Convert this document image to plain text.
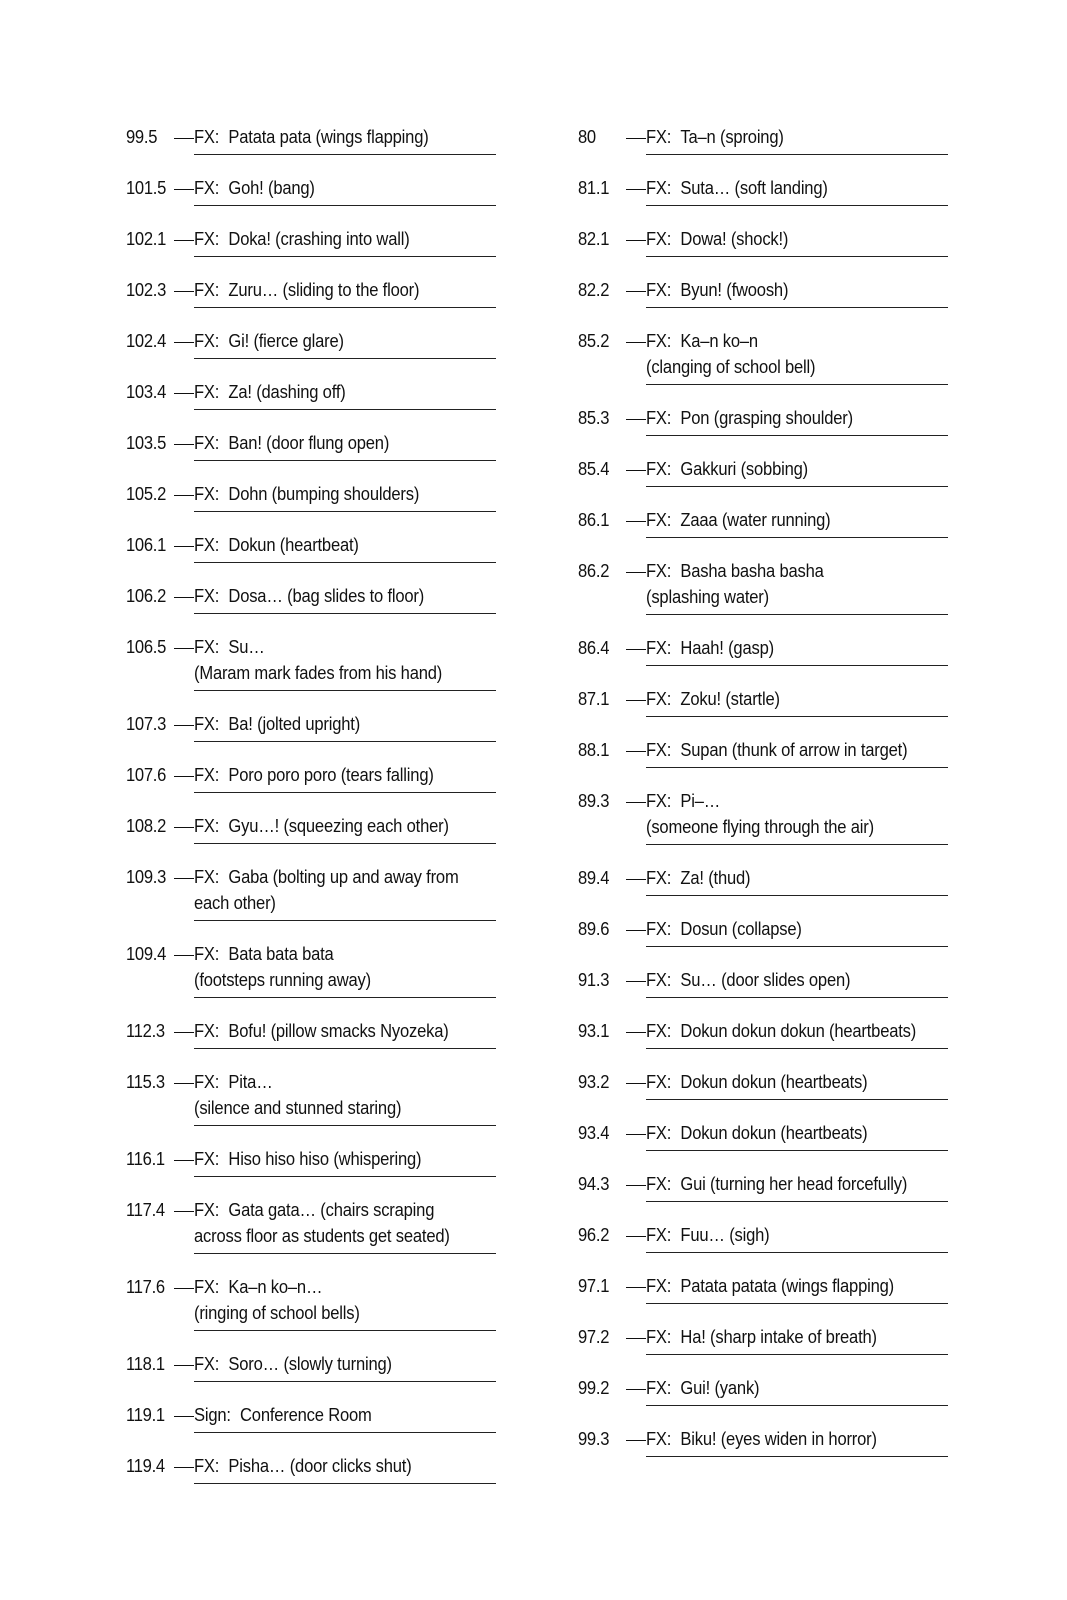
99.5	FX: Patata pata (wings flapping)
101.5 FX: Goh! (bang)
102.1 FX: Doka! (crashing into wall)
102.3 FX: Zuru… (sliding to the floor)
102.4 FX: Gi! (fierce glare)
103.4 FX: Za! (dashing off)
103.5 FX: Ban! (door flung open)
105.2 FX: Dohn (bumping shoulders)
106.1 FX: Dokun (heartbeat)
106.2 FX: Dosa… (bag slides to floor)
106.5 FX: Su…
(Maram mark fades from his hand)
107.3 FX: Ba! (jolted upright)
107.6 FX: Poro poro poro (tears falling)
108.2 FX: Gyu…! (squeezing each other)
109.3 FX: Gaba (bolting up and away from
each other)
109.4 FX: Bata bata bata
(footsteps running away)
112.3 FX: Bofu! (pillow smacks Nyozeka)
115.3 FX: Pita…
(silence and stunned staring)
116.1 FX: Hiso hiso hiso (whispering)
117.4 FX: Gata gata… (chairs scraping
across floor as students get seated)
117.6 FX: Ka–n ko–n…
(ringing of school bells)
118.1 FX: Soro… (slowly turning)
119.1 Sign: Conference Room
119.4 FX: Pisha… (door clicks shut)
80	FX: Ta–n (sproing)
81.1	FX: Suta… (soft landing)
82.1	FX: Dowa! (shock!)
82.2	FX: Byun! (fwoosh)
85.2	FX: Ka–n ko–n
(clanging of school bell)
85.3	FX: Pon (grasping shoulder)
85.4	FX: Gakkuri (sobbing)
86.1	FX: Zaaa (water running)
86.2	FX: Basha basha basha
(splashing water)
86.4	FX: Haah! (gasp)
87.1	FX: Zoku! (startle)
88.1	FX: Supan (thunk of arrow in target)
89.3	FX: Pi–…
(someone flying through the air)
89.4	FX: Za! (thud)
89.6	FX: Dosun (collapse)
91.3	FX: Su… (door slides open)
93.1	FX: Dokun dokun dokun (heartbeats)
93.2	FX: Dokun dokun (heartbeats)
93.4	FX: Dokun dokun (heartbeats)
94.3	FX: Gui (turning her head forcefully)
96.2	FX: Fuu… (sigh)
97.1	FX: Patata patata (wings flapping)
97.2	FX: Ha! (sharp intake of breath)
99.2	FX: Gui! (yank)
99.3	FX: Biku! (eyes widen in horror)
